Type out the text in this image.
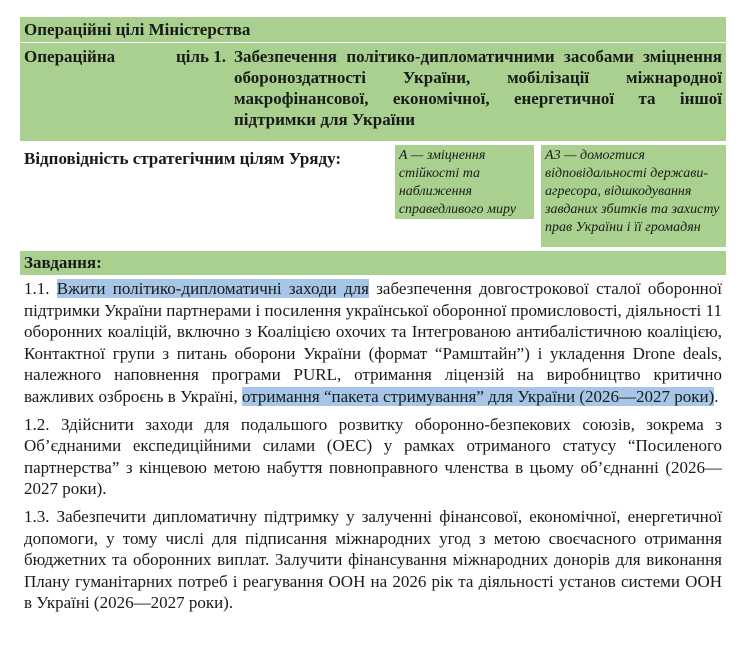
Операційні цілі Міністерства
Операційна	ціль 1. Забезпечення політико-дипломатичними засобами зміцнення обороноздатності України, мобілізації міжнародної макрофінансової, економічної, енергетичної та іншої підтримки для України
Відповідність стратегічним цілям Уряду:	А — зміцнення стійкості та наближення справедливого миру
А3 — домогтися відповідальності держави-агресора, відшкодування завданих збитків та захисту прав України і її громадян
Завдання:

1.1. Вжити політико-дипломатичні заходи для забезпечення довгострокової сталої оборонної підтримки України партнерами і посилення української оборонної промисловості, діяльності 11 оборонних коаліцій, включно з Коаліцією охочих та Інтегрованою антибалістичною коаліцією, Контактної групи з питань оборони України (формат “Рамштайн”) і укладення Drone deals, належного наповнення програми PURL, отримання ліцензій на виробництво критично важливих озброєнь в Україні, отримання “пакета стримування” для України (2026—2027 роки).

1.2. Здійснити заходи для подальшого розвитку оборонно-безпекових союзів, зокрема з Об’єднаними експедиційними силами (ОЕС) у рамках отриманого статусу “Посиленого партнерства” з кінцевою метою набуття повноправного членства в цьому об’єднанні (2026—2027 роки).

1.3. Забезпечити дипломатичну підтримку у залученні фінансової, економічної, енергетичної допомоги, у тому числі для підписання міжнародних угод з метою своєчасного отримання бюджетних та оборонних виплат. Залучити фінансування міжнародних донорів для виконання Плану гуманітарних потреб і реагування ООН на 2026 рік та діяльності установ системи ООН в Україні (2026—2027 роки).
